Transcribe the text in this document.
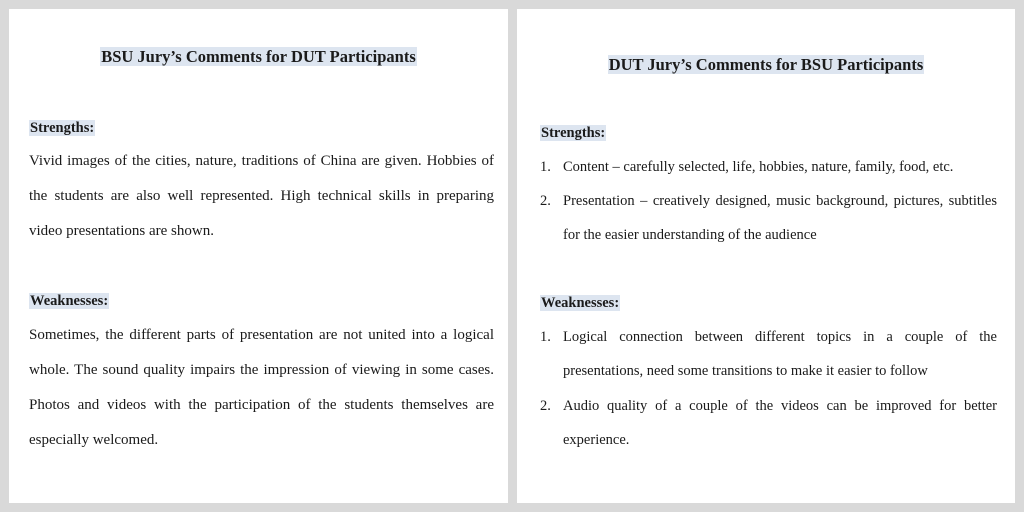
BSU Jury’s Comments for DUT Participants
Strengths:
Vivid images of the cities, nature, traditions of China are given. Hobbies of the students are also well represented. High technical skills in preparing video presentations are shown.
Weaknesses:
Sometimes, the different parts of presentation are not united into a logical whole. The sound quality impairs the impression of viewing in some cases. Photos and videos with the participation of the students themselves are especially welcomed.
DUT Jury’s Comments for BSU Participants
Strengths:
1. Content – carefully selected, life, hobbies, nature, family, food, etc.
2. Presentation – creatively designed, music background, pictures, subtitles for the easier understanding of the audience
Weaknesses:
1. Logical connection between different topics in a couple of the presentations, need some transitions to make it easier to follow
2. Audio quality of a couple of the videos can be improved for better experience.
